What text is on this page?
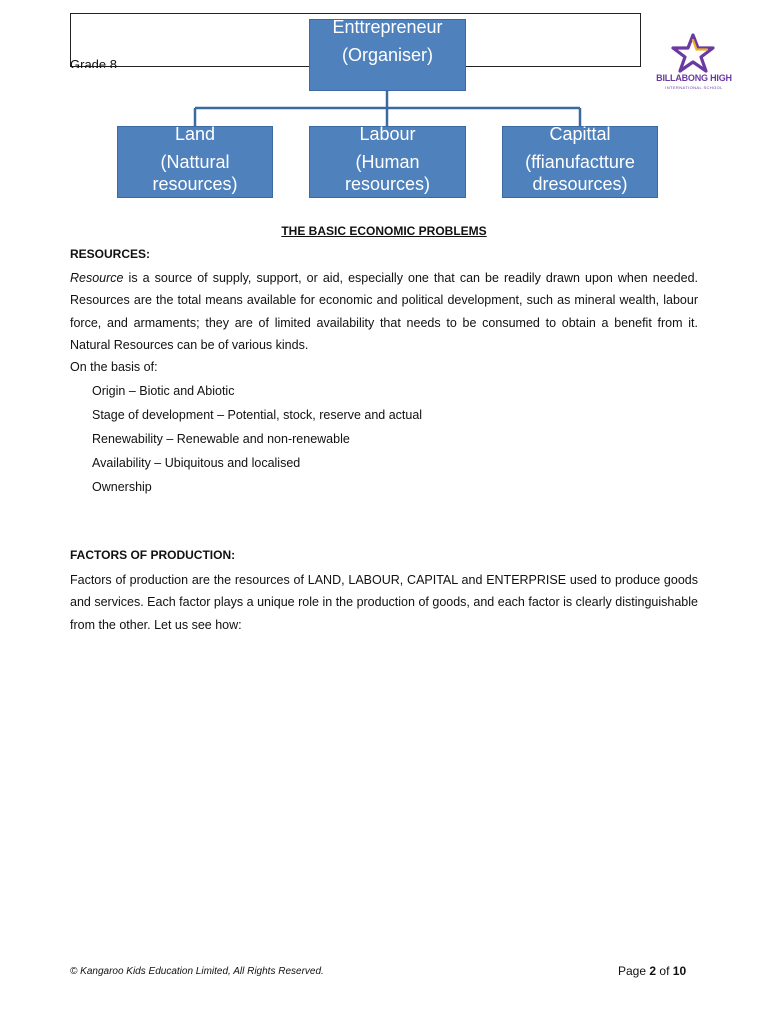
Grade 8
BILLABONG HIGH
INTERNATIONAL SCHOOL
Enttrepreneur
(Organiser)
Land
(Nattural
resources)
Labour
(Human
resources)
Capittal
(ffianufactture
dresources)
THE BASIC ECONOMIC PROBLEMS
RESOURCES:
Resource is a source of supply, support, or aid, especially one that can be readily drawn upon when needed. Resources are the total means available for economic and political development, such as mineral wealth, labour force, and armaments; they are of limited availability that needs to be consumed to obtain a benefit from it. Natural Resources can be of various kinds.
On the basis of:
Origin – Biotic and Abiotic
Stage of development – Potential, stock, reserve and actual
Renewability – Renewable and non-renewable
Availability – Ubiquitous and localised
Ownership
FACTORS OF PRODUCTION:
Factors of production are the resources of LAND, LABOUR, CAPITAL and ENTERPRISE used to produce goods and services. Each factor plays a unique role in the production of goods, and each factor is clearly distinguishable from the other. Let us see how:
© Kangaroo Kids Education Limited, All Rights Reserved.	Page 2 of 10
